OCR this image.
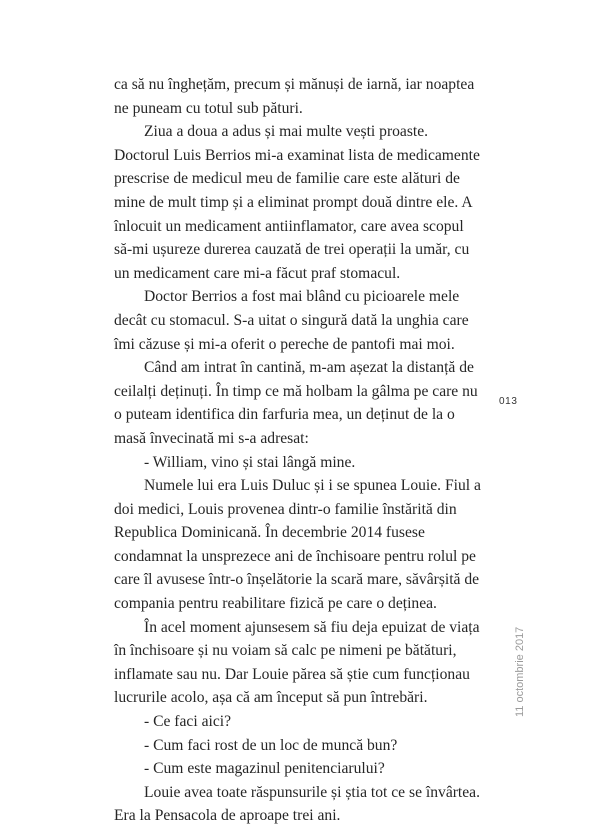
ca să nu înghețăm, precum și mănuși de iarnă, iar noaptea ne puneam cu totul sub pături.

Ziua a doua a adus și mai multe vești proaste. Doctorul Luis Berrios mi-a examinat lista de medicamente prescrise de medicul meu de familie care este alături de mine de mult timp și a eliminat prompt două dintre ele. A înlocuit un medicament antiinflamator, care avea scopul să-mi ușureze durerea cauzată de trei operații la umăr, cu un medicament care mi-a făcut praf stomacul.

Doctor Berrios a fost mai blând cu picioarele mele decât cu stomacul. S-a uitat o singură dată la unghia care îmi căzuse și mi-a oferit o pereche de pantofi mai moi.

Când am intrat în cantină, m-am așezat la distanță de ceilalți deținuți. În timp ce mă holbam la gâlma pe care nu o puteam identifica din farfuria mea, un deținut de la o masă învecinată mi s-a adresat:

- William, vino și stai lângă mine.

Numele lui era Luis Duluc și i se spunea Louie. Fiul a doi medici, Louis provenea dintr-o familie înstărită din Republica Dominicană. În decembrie 2014 fusese condamnat la unsprezece ani de închisoare pentru rolul pe care îl avusese într-o înșelătorie la scară mare, săvârșită de compania pentru reabilitare fizică pe care o deținea.

În acel moment ajunsesem să fiu deja epuizat de viața în închisoare și nu voiam să calc pe nimeni pe bătături, inflamate sau nu. Dar Louie părea să știe cum funcționau lucrurile acolo, așa că am început să pun întrebări.

- Ce faci aici?

- Cum faci rost de un loc de muncă bun?

- Cum este magazinul penitenciarului?

Louie avea toate răspunsurile și știa tot ce se învârtea. Era la Pensacola de aproape trei ani.

013
11 octombrie 2017
